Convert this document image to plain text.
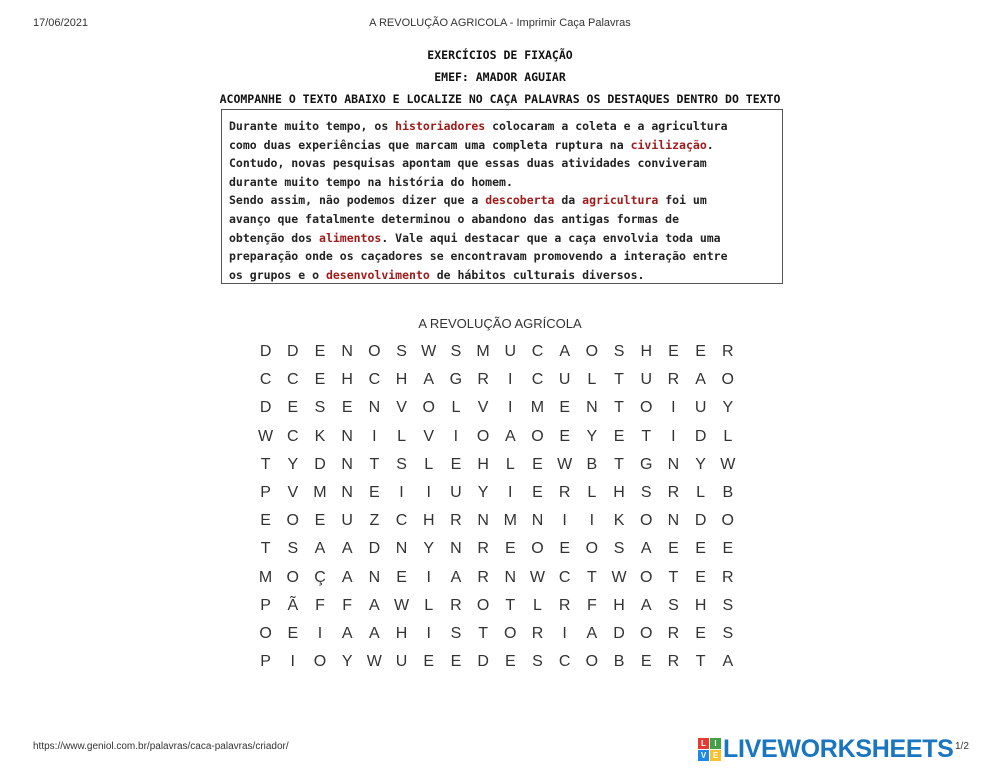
17/06/2021	A REVOLUÇÃO AGRICOLA - Imprimir Caça Palavras
EXERCÍCIOS DE FIXAÇÃO
EMEF: AMADOR AGUIAR
ACOMPANHE O TEXTO ABAIXO E LOCALIZE NO CAÇA PALAVRAS OS DESTAQUES DENTRO DO TEXTO
Durante muito tempo, os historiadores colocaram a coleta e a agricultura
como duas experiências que marcam uma completa ruptura na civilização.
Contudo, novas pesquisas apontam que essas duas atividades conviveram
durante muito tempo na história do homem.
Sendo assim, não podemos dizer que a descoberta da agricultura foi um
avanço que fatalmente determinou o abandono das antigas formas de
obtenção dos alimentos. Vale aqui destacar que a caça envolvia toda uma
preparação onde os caçadores se encontravam promovendo a interação entre
os grupos e o desenvolvimento de hábitos culturais diversos.
A REVOLUÇÃO AGRÍCOLA
D D	E	N O S W S M U C	A O S	H	E	E	R
C C	E	H C H	A G R	I	C U	L	T	U R	A O
D	E	S	E	N	V O	L	V	I	M E	N	T	O	I	U	Y
W C	K	N	I	L	V	I	O A O E	Y	E	T	I	D	L
T	Y	D N	T	S	L	E	H	L	E W B	T	G N	Y W
P	V M N	E	I	I	U	Y	I	E	R	L	H	S	R	L	B
E O E	U	Z	C H R N M N	I	I	K O N D O
T	S	A	A	D N	Y	N R	E O E O S	A	E	E	E
M O Ç	A	N	E	I	A	R N W C	T W O	T	E	R
P	Ã	F	F	A W L	R O	T	L	R	F	H	A	S	H	S
O E	I	A	A	H	I	S	T	O R	I	A	D O R	E	S
P	I	O Y W U	E	E	D	E	S	C O B	E	R	T	A
https://www.geniol.com.br/palavras/caca-palavras/criador/	1/2
L	I
V E LIVEWORKSHEETS
